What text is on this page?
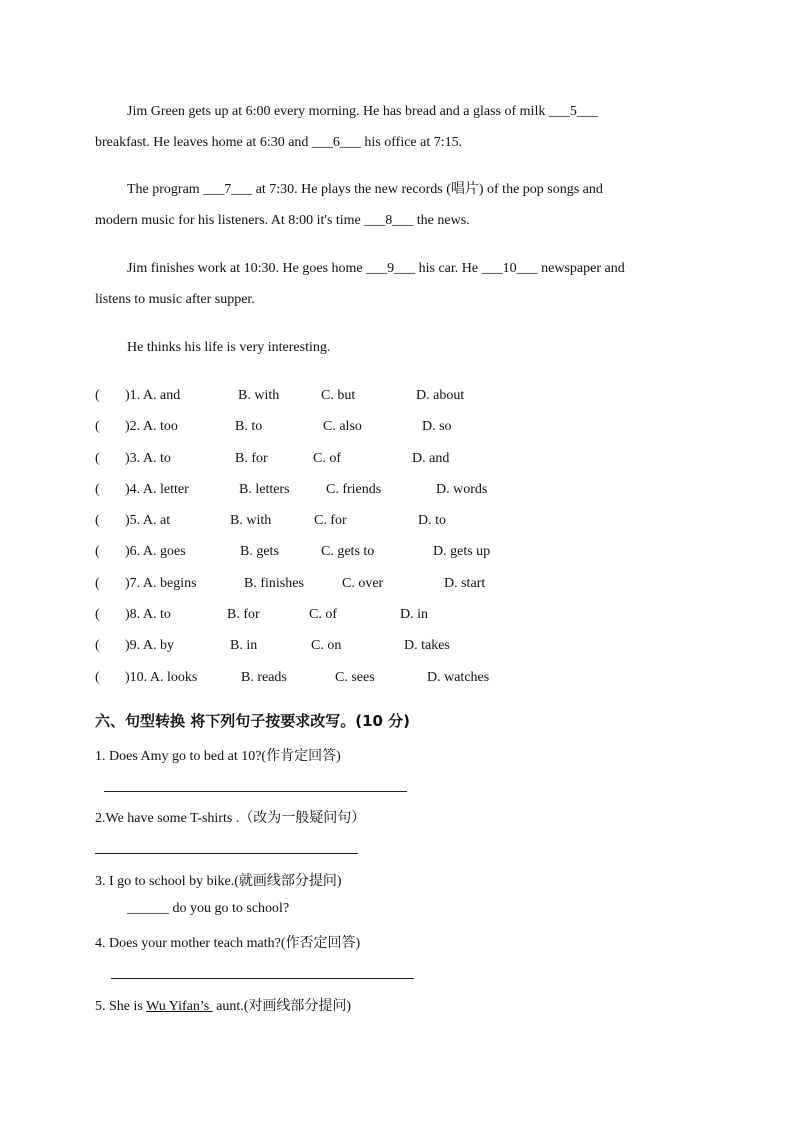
Jim Green gets up at 6:00 every morning. He has bread and a glass of milk ___5___
breakfast. He leaves home at 6:30 and ___6___ his office at 7:15.
The program ___7___ at 7:30. He plays the new records (唱片) of the pop songs and
modern music for his listeners. At 8:00 it's time ___8___ the news.
Jim finishes work at 10:30. He goes home ___9___ his car. He ___10___ newspaper and
listens to music after supper.
He thinks his life is very interesting.
( )1. A. and	B. with	C. but	D. about
( )2. A. too	B. to	C. also	D. so
( )3. A. to	B. for	C. of	D. and
( )4. A. letter	B. letters	C. friends	D. words
( )5. A. at	B. with	C. for	D. to
( )6. A. goes	B. gets	C. gets to	D. gets up
( )7. A. begins	B. finishes	C. over	D. start
( )8. A. to	B. for	C. of	D. in
( )9. A. by	B. in	C. on	D. takes
( )10. A. looks	B. reads	C. sees	D. watches
六、句型转换 将下列句子按要求改写。(10 分)
1. Does Amy go to bed at 10?(作肯定回答)
2.We have some T-shirts .（改为一般疑问句）
3. I go to school by bike.(就画线部分提问)
______ do you go to school?
4. Does your mother teach math?(作否定回答)
5. She is Wu Yifan’s  aunt.(对画线部分提问)
